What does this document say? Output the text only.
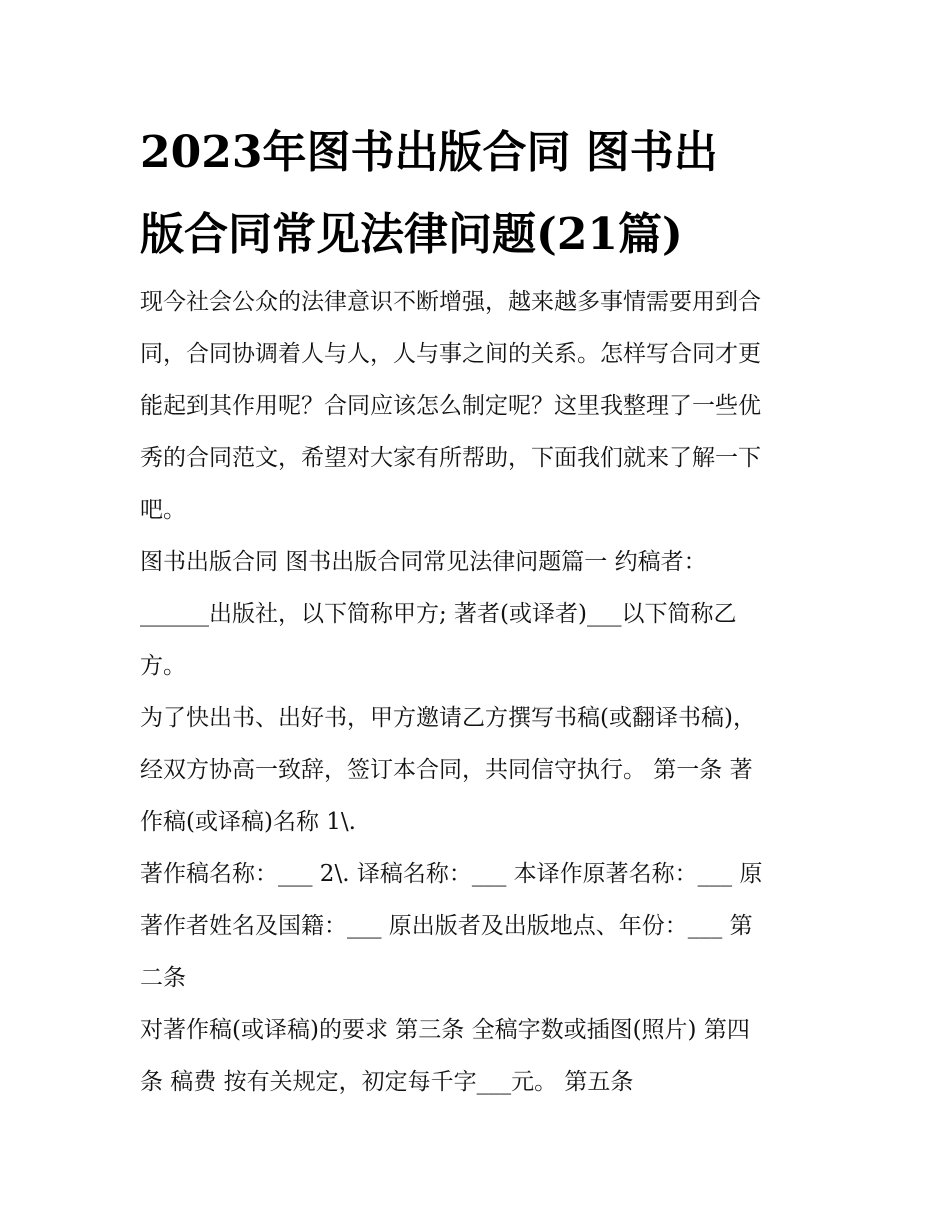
2023年图书出版合同 图书出
版合同常见法律问题(21篇)
现今社会公众的法律意识不断增强，越来越多事情需要用到合
同，合同协调着人与人，人与事之间的关系。怎样写合同才更
能起到其作用呢？合同应该怎么制定呢？这里我整理了一些优
秀的合同范文，希望对大家有所帮助，下面我们就来了解一下
吧。
图书出版合同 图书出版合同常见法律问题篇一 约稿者：
______出版社，以下简称甲方; 著者(或译者)___以下简称乙
方。
为了快出书、出好书，甲方邀请乙方撰写书稿(或翻译书稿)，
经双方协高一致辞，签订本合同，共同信守执行。 第一条 著
作稿(或译稿)名称 1\.
著作稿名称：___ 2\. 译稿名称：___ 本译作原著名称：___ 原
著作者姓名及国籍：___ 原出版者及出版地点、年份：___ 第
二条
对著作稿(或译稿)的要求 第三条 全稿字数或插图(照片) 第四
条 稿费 按有关规定，初定每千字___元。 第五条
